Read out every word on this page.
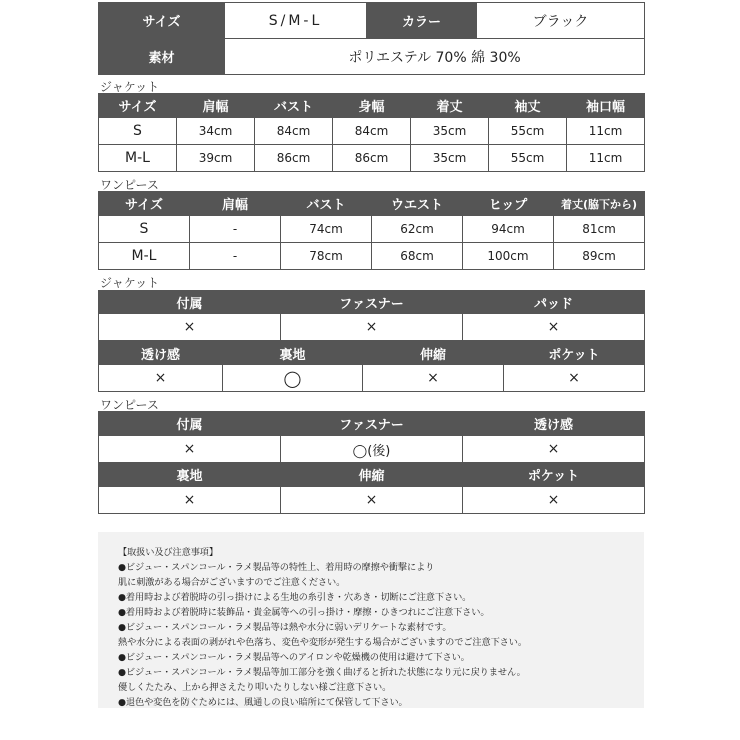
サイズ	S/M-L	カラー	ブラック
素材	ポリエステル 70% 綿 30%		
ジャケット
サイズ	肩幅	バスト	身幅	着丈	袖丈	袖口幅
S	34cm	84cm	84cm	35cm	55cm	11cm
M-L	39cm	86cm	86cm	35cm	55cm	11cm
ワンピース
サイズ	肩幅	バスト	ウエスト	ヒップ	着丈(脇下から)
S	-	74cm	62cm	94cm	81cm
M-L	-	78cm	68cm	100cm	89cm
ジャケット
付属	ファスナー	パッド
×	×	×
透け感	裏地	伸縮	ポケット
×	◯	×	×
ワンピース
付属	ファスナー	透け感
×	◯(後)	×
裏地	伸縮	ポケット
×	×	×
【取扱い及び注意事項】
●ビジュー・スパンコール・ラメ製品等の特性上、着用時の摩擦や衝撃により
肌に刺激がある場合がございますのでご注意ください。
●着用時および着脱時の引っ掛けによる生地の糸引き・穴あき・切断にご注意下さい。
●着用時および着脱時に装飾品・貴金属等への引っ掛け・摩擦・ひきつれにご注意下さい。
●ビジュー・スパンコール・ラメ製品等は熱や水分に弱いデリケートな素材です。
熱や水分による表面の剥がれや色落ち、変色や変形が発生する場合がございますのでご注意下さい。
●ビジュー・スパンコール・ラメ製品等へのアイロンや乾燥機の使用は避けて下さい。
●ビジュー・スパンコール・ラメ製品等加工部分を強く曲げると折れた状態になり元に戻りません。
優しくたたみ、上から押さえたり叩いたりしない様ご注意下さい。
●退色や変色を防ぐためには、風通しの良い暗所にて保管して下さい。
